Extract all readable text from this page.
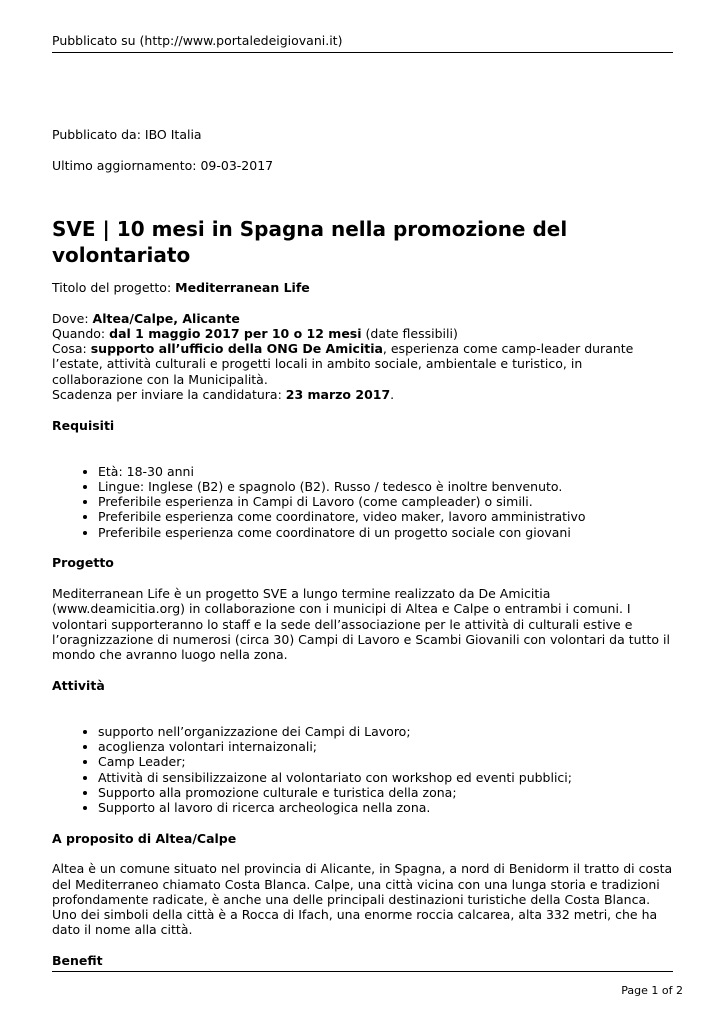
Pubblicato su (http://www.portaledeigiovani.it)
Pubblicato da: IBO Italia
Ultimo aggiornamento: 09-03-2017
SVE | 10 mesi in Spagna nella promozione del volontariato

Titolo del progetto: Mediterranean Life

Dove: Altea/Calpe, Alicante

Quando: dal 1 maggio 2017 per 10 o 12 mesi (date flessibili)

Cosa: supporto all’ufficio della ONG De Amicitia, esperienza come camp-leader durante l’estate, attività culturali e progetti locali in ambito sociale, ambientale e turistico, in collaborazione con la Municipalità.

Scadenza per inviare la candidatura: 23 marzo 2017.

Requisiti

• Età: 18-30 anni
• Lingue: Inglese (B2) e spagnolo (B2). Russo / tedesco è inoltre benvenuto.
• Preferibile esperienza in Campi di Lavoro (come campleader) o simili.
• Preferibile esperienza come coordinatore, video maker, lavoro amministrativo
• Preferibile esperienza come coordinatore di un progetto sociale con giovani

Progetto

Mediterranean Life è un progetto SVE a lungo termine realizzato da De Amicitia (www.deamicitia.org) in collaborazione con i municipi di Altea e Calpe o entrambi i comuni. I volontari supporteranno lo staff e la sede dell’associazione per le attività di culturali estive e l’oragnizzazione di numerosi (circa 30) Campi di Lavoro e Scambi Giovanili con volontari da tutto il mondo che avranno luogo nella zona.

Attività

• supporto nell’organizzazione dei Campi di Lavoro;
• acoglienza volontari internaizonali;
• Camp Leader;
• Attività di sensibilizzaizone al volontariato con workshop ed eventi pubblici;
• Supporto alla promozione culturale e turistica della zona;
• Supporto al lavoro di ricerca archeologica nella zona.

A proposito di Altea/Calpe

Altea è un comune situato nel provincia di Alicante, in Spagna, a nord di Benidorm il tratto di costa del Mediterraneo chiamato Costa Blanca. Calpe, una città vicina con una lunga storia e tradizioni profondamente radicate, è anche una delle principali destinazioni turistiche della Costa Blanca. Uno dei simboli della città è a Rocca di Ifach, una enorme roccia calcarea, alta 332 metri, che ha dato il nome alla città.

Benefit

Page 1 of 2
